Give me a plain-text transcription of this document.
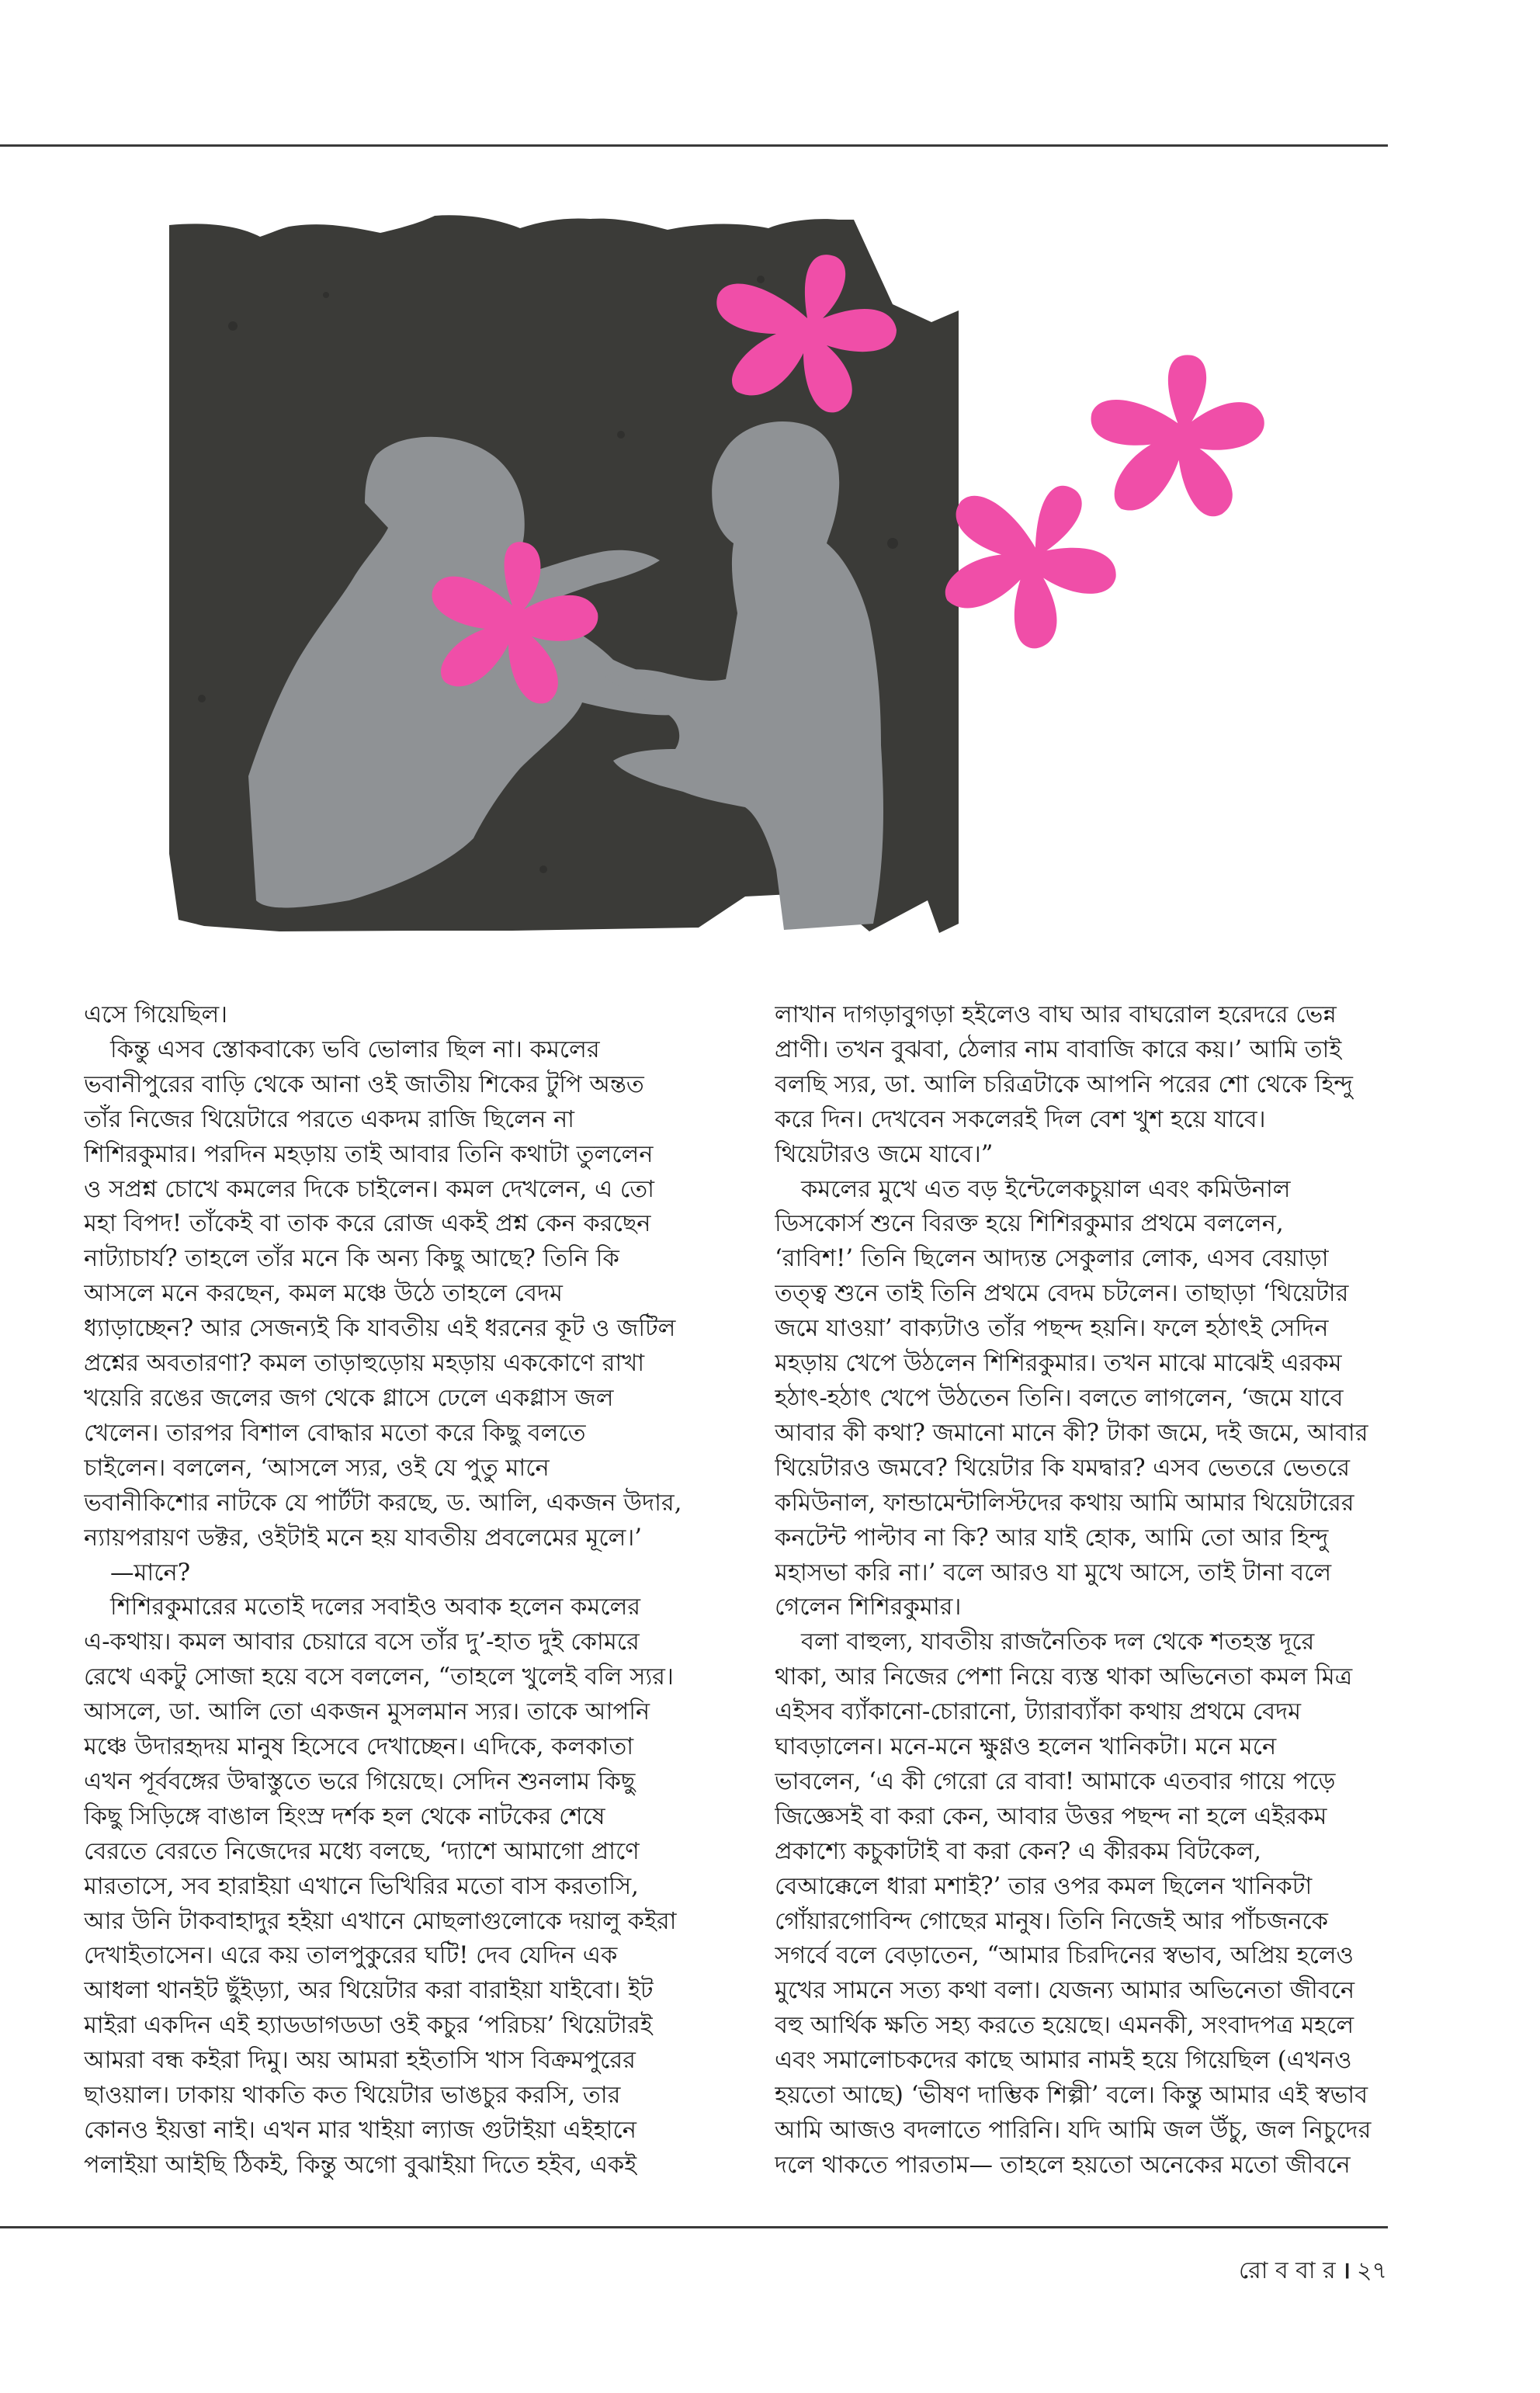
এসে গিয়েছিল।

কিন্তু এসব স্তোকবাক্যে ভবি ভোলার ছিল না। কমলের
ভবানীপুরের বাড়ি থেকে আনা ওই জাতীয় শিকের টুপি অন্তত
তাঁর নিজের থিয়েটারে পরতে একদম রাজি ছিলেন না
শিশিরকুমার। পরদিন মহড়ায় তাই আবার তিনি কথাটা তুললেন
ও সপ্রশ্ন চোখে কমলের দিকে চাইলেন। কমল দেখলেন, এ তো
মহা বিপদ! তাঁকেই বা তাক করে রোজ একই প্রশ্ন কেন করছেন
নাট্যাচার্য? তাহলে তাঁর মনে কি অন্য কিছু আছে? তিনি কি
আসলে মনে করছেন, কমল মঞ্চে উঠে তাহলে বেদম
ধ্যাড়াচ্ছেন? আর সেজন্যই কি যাবতীয় এই ধরনের কূট ও জটিল
প্রশ্নের অবতারণা? কমল তাড়াহুড়োয় মহড়ায় এককোণে রাখা
খয়েরি রঙের জলের জগ থেকে গ্লাসে ঢেলে একগ্লাস জল
খেলেন। তারপর বিশাল বোদ্ধার মতো করে কিছু বলতে
চাইলেন। বললেন, ‘আসলে স্যর, ওই যে পুতু মানে
ভবানীকিশোর নাটকে যে পার্টটা করছে, ড. আলি, একজন উদার,
ন্যায়পরায়ণ ডক্টর, ওইটাই মনে হয় যাবতীয় প্রবলেমের মূলে।’

—মানে?

শিশিরকুমারের মতোই দলের সবাইও অবাক হলেন কমলের
এ-কথায়। কমল আবার চেয়ারে বসে তাঁর দু’-হাত দুই কোমরে
রেখে একটু সোজা হয়ে বসে বললেন, “তাহলে খুলেই বলি স্যর।
আসলে, ডা. আলি তো একজন মুসলমান স্যর। তাকে আপনি
মঞ্চে উদারহৃদয় মানুষ হিসেবে দেখাচ্ছেন। এদিকে, কলকাতা
এখন পূর্ববঙ্গের উদ্বাস্তুতে ভরে গিয়েছে। সেদিন শুনলাম কিছু
কিছু সিড়িঙ্গে বাঙাল হিংস্র দর্শক হল থেকে নাটকের শেষে
বেরতে বেরতে নিজেদের মধ্যে বলছে, ‘দ্যাশে আমাগো প্রাণে
মারতাসে, সব হারাইয়া এখানে ভিখিরির মতো বাস করতাসি,
আর উনি টাকবাহাদুর হইয়া এখানে মোছলাগুলোকে দয়ালু কইরা
দেখাইতাসেন। এরে কয় তালপুকুরের ঘটি! দেব যেদিন এক
আধলা থানইট ছুঁইড়্যা, অর থিয়েটার করা বারাইয়া যাইবো। ইট
মাইরা একদিন এই হ্যাডডাগডডা ওই কচুর ‘পরিচয়’ থিয়েটারই
আমরা বন্ধ কইরা দিমু। অয় আমরা হইতাসি খাস বিক্রমপুরের
ছাওয়াল। ঢাকায় থাকতি কত থিয়েটার ভাঙচুর করসি, তার
কোনও ইয়ত্তা নাই। এখন মার খাইয়া ল্যাজ গুটাইয়া এইহানে
পলাইয়া আইছি ঠিকই, কিন্তু অগো বুঝাইয়া দিতে হইব, একই

লাখান দাগড়াবুগড়া হইলেও বাঘ আর বাঘরোল হরেদরে ভেন্ন
প্রাণী। তখন বুঝবা, ঠেলার নাম বাবাজি কারে কয়।’ আমি তাই
বলছি স্যর, ডা. আলি চরিত্রটাকে আপনি পরের শো থেকে হিন্দু
করে দিন। দেখবেন সকলেরই দিল বেশ খুশ হয়ে যাবে।
থিয়েটারও জমে যাবে।”

কমলের মুখে এত বড় ইন্টেলেকচুয়াল এবং কমিউনাল
ডিসকোর্স শুনে বিরক্ত হয়ে শিশিরকুমার প্রথমে বললেন,
‘রাবিশ!’ তিনি ছিলেন আদ্যন্ত সেকুলার লোক, এসব বেয়াড়া
তত্ত্ব শুনে তাই তিনি প্রথমে বেদম চটলেন। তাছাড়া ‘থিয়েটার
জমে যাওয়া’ বাক্যটাও তাঁর পছন্দ হয়নি। ফলে হঠাৎই সেদিন
মহড়ায় খেপে উঠলেন শিশিরকুমার। তখন মাঝে মাঝেই এরকম
হঠাৎ-হঠাৎ খেপে উঠতেন তিনি। বলতে লাগলেন, ‘জমে যাবে
আবার কী কথা? জমানো মানে কী? টাকা জমে, দই জমে, আবার
থিয়েটারও জমবে? থিয়েটার কি যমদ্বার? এসব ভেতরে ভেতরে
কমিউনাল, ফান্ডামেন্টালিস্টদের কথায় আমি আমার থিয়েটারের
কনটেন্ট পাল্টাব না কি? আর যাই হোক, আমি তো আর হিন্দু
মহাসভা করি না।’ বলে আরও যা মুখে আসে, তাই টানা বলে
গেলেন শিশিরকুমার।

বলা বাহুল্য, যাবতীয় রাজনৈতিক দল থেকে শতহস্ত দূরে
থাকা, আর নিজের পেশা নিয়ে ব্যস্ত থাকা অভিনেতা কমল মিত্র
এইসব ব্যাঁকানো-চোরানো, ট্যারাব্যাঁকা কথায় প্রথমে বেদম
ঘাবড়ালেন। মনে-মনে ক্ষুণ্ণও হলেন খানিকটা। মনে মনে
ভাবলেন, ‘এ কী গেরো রে বাবা! আমাকে এতবার গায়ে পড়ে
জিজ্ঞেসই বা করা কেন, আবার উত্তর পছন্দ না হলে এইরকম
প্রকাশ্যে কচুকাটাই বা করা কেন? এ কীরকম বিটকেল,
বেআক্কেলে ধারা মশাই?’ তার ওপর কমল ছিলেন খানিকটা
গোঁয়ারগোবিন্দ গোছের মানুষ। তিনি নিজেই আর পাঁচজনকে
সগর্বে বলে বেড়াতেন, “আমার চিরদিনের স্বভাব, অপ্রিয় হলেও
মুখের সামনে সত্য কথা বলা। যেজন্য আমার অভিনেতা জীবনে
বহু আর্থিক ক্ষতি সহ্য করতে হয়েছে। এমনকী, সংবাদপত্র মহলে
এবং সমালোচকদের কাছে আমার নামই হয়ে গিয়েছিল (এখনও
হয়তো আছে) ‘ভীষণ দাম্ভিক শিল্পী’ বলে। কিন্তু আমার এই স্বভাব
আমি আজও বদলাতে পারিনি। যদি আমি জল উঁচু, জল নিচুদের
দলে থাকতে পারতাম— তাহলে হয়তো অনেকের মতো জীবনে

রো ব বা র । ২৭
